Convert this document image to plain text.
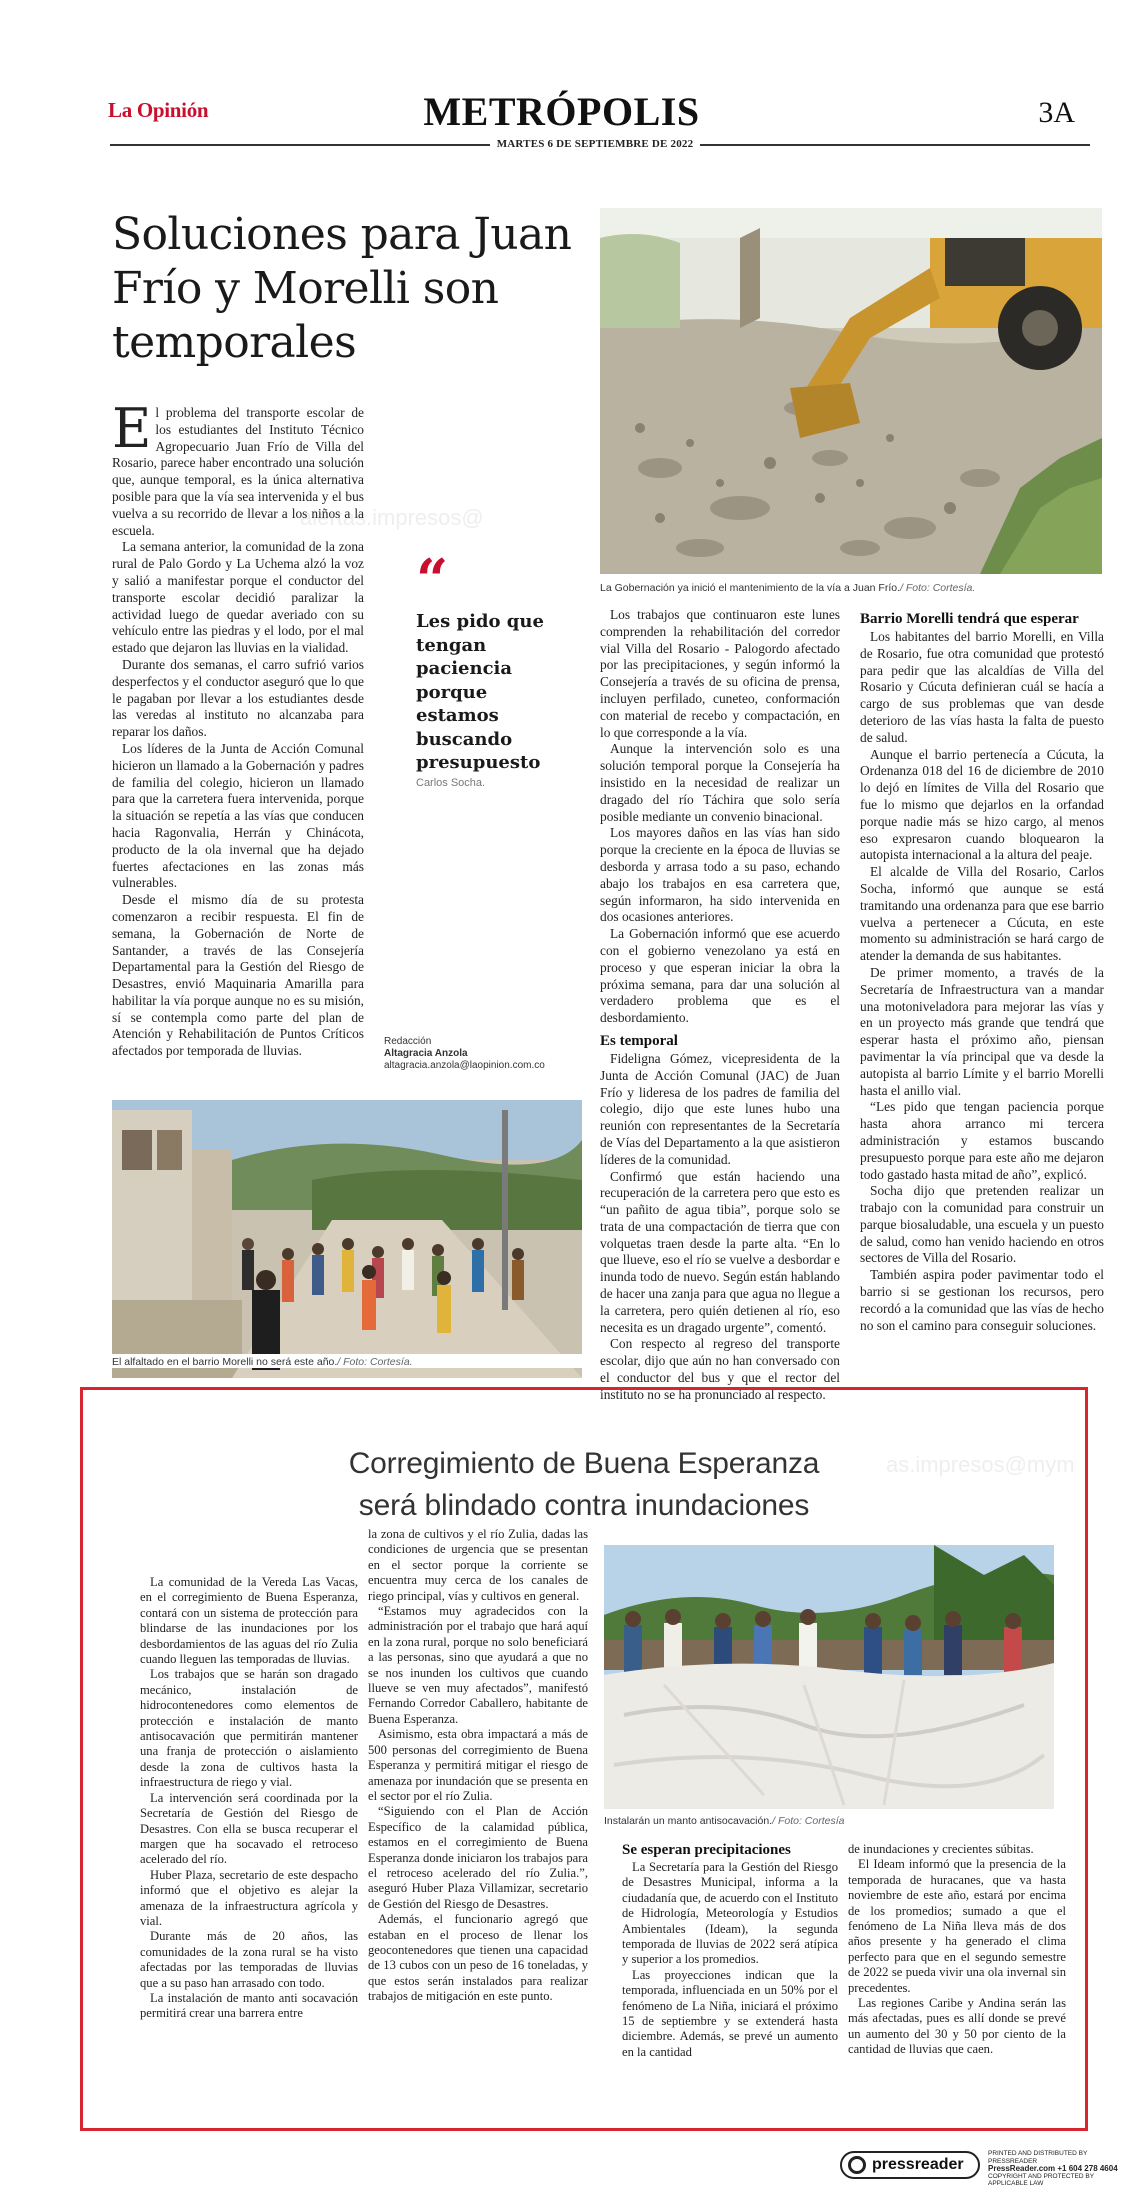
La Opinión	METRÓPOLIS	3A
MARTES 6 DE SEPTIEMBRE DE 2022
Soluciones para Juan Frío y Morelli son temporales
La Gobernación ya inició el mantenimiento de la vía a Juan Frío./ Foto: Cortesía.

El problema del transporte escolar de los estudiantes del Instituto Técnico Agropecuario Juan Frío de Villa del Rosario, parece haber encontrado una solución que, aunque temporal, es la única alternativa posible para que la vía sea intervenida y el bus vuelva a su recorrido de llevar a los niños a la escuela.

La semana anterior, la comunidad de la zona rural de Palo Gordo y La Uchema alzó la voz y salió a manifestar porque el conductor del transporte escolar decidió paralizar la actividad luego de quedar averiado con su vehículo entre las piedras y el lodo, por el mal estado que dejaron las lluvias en la vialidad.

Durante dos semanas, el carro sufrió varios desperfectos y el conductor aseguró que lo que le pagaban por llevar a los estudiantes desde las veredas al instituto no alcanzaba para reparar los daños.

Los líderes de la Junta de Acción Comunal hicieron un llamado a la Gobernación y padres de familia del colegio, hicieron un llamado para que la carretera fuera intervenida, porque la situación se repetía a las vías que conducen hacia Ragonvalia, Herrán y Chinácota, producto de la ola invernal que ha dejado fuertes afectaciones en las zonas más vulnerables.

Desde el mismo día de su protesta comenzaron a recibir respuesta. El fin de semana, la Gobernación de Norte de Santander, a través de las Consejería Departamental para la Gestión del Riesgo de Desastres, envió Maquinaria Amarilla para habilitar la vía porque aunque no es su misión, sí se contempla como parte del plan de Atención y Rehabilitación de Puntos Críticos afectados por temporada de lluvias.

“
Les pido que tengan paciencia porque estamos buscando presupuesto
Carlos Socha.
Redacción
Altagracia Anzola
altagracia.anzola@laopinion.com.co

Los trabajos que continuaron este lunes comprenden la rehabilitación del corredor vial Villa del Rosario - Palogordo afectado por las precipitaciones, y según informó la Consejería a través de su oficina de prensa, incluyen perfilado, cuneteo, conformación con material de recebo y compactación, en lo que corresponde a la vía.

Aunque la intervención solo es una solución temporal porque la Consejería ha insistido en la necesidad de realizar un dragado del río Táchira que solo sería posible mediante un convenio binacional.

Los mayores daños en las vías han sido porque la creciente en la época de lluvias se desborda y arrasa todo a su paso, echando abajo los trabajos en esa carretera que, según informaron, ha sido intervenida en dos ocasiones anteriores.

La Gobernación informó que ese acuerdo con el gobierno venezolano ya está en proceso y que esperan iniciar la obra la próxima semana, para dar una solución al verdadero problema que es el desbordamiento.

Es temporal

Fideligna Gómez, vicepresidenta de la Junta de Acción Comunal (JAC) de Juan Frío y lideresa de los padres de familia del colegio, dijo que este lunes hubo una reunión con representantes de la Secretaría de Vías del Departamento a la que asistieron líderes de la comunidad.

Confirmó que están haciendo una recuperación de la carretera pero que esto es “un pañito de agua tibia”, porque solo se trata de una compactación de tierra que con volquetas traen desde la parte alta. “En lo que llueve, eso el río se vuelve a desbordar e inunda todo de nuevo. Según están hablando de hacer una zanja para que agua no llegue a la carretera, pero quién detienen al río, eso necesita es un dragado urgente”, comentó.

Con respecto al regreso del transporte escolar, dijo que aún no han conversado con el conductor del bus y que el rector del instituto no se ha pronunciado al respecto.

Barrio Morelli tendrá que esperar

Los habitantes del barrio Morelli, en Villa de Rosario, fue otra comunidad que protestó para pedir que las alcaldías de Villa del Rosario y Cúcuta definieran cuál se hacía a cargo de sus problemas que van desde deterioro de las vías hasta la falta de puesto de salud.

Aunque el barrio pertenecía a Cúcuta, la Ordenanza 018 del 16 de diciembre de 2010 lo dejó en límites de Villa del Rosario que fue lo mismo que dejarlos en la orfandad porque nadie más se hizo cargo, al menos eso expresaron cuando bloquearon la autopista internacional a la altura del peaje.

El alcalde de Villa del Rosario, Carlos Socha, informó que aunque se está tramitando una ordenanza para que ese barrio vuelva a pertenecer a Cúcuta, en este momento su administración se hará cargo de atender la demanda de sus habitantes.

De primer momento, a través de la Secretaría de Infraestructura van a mandar una motoniveladora para mejorar las vías y en un proyecto más grande que tendrá que esperar hasta el próximo año, piensan pavimentar la vía principal que va desde la autopista al barrio Límite y el barrio Morelli hasta el anillo vial.

“Les pido que tengan paciencia porque hasta ahora arranco mi tercera administración y estamos buscando presupuesto porque para este año me dejaron todo gastado hasta mitad de año”, explicó.

Socha dijo que pretenden realizar un trabajo con la comunidad para construir un parque biosaludable, una escuela y un puesto de salud, como han venido haciendo en otros sectores de Villa del Rosario.

También aspira poder pavimentar todo el barrio si se gestionan los recursos, pero recordó a la comunidad que las vías de hecho no son el camino para conseguir soluciones.

alertas.impresos@
El alfaltado en el barrio Morelli no será este año./ Foto: Cortesía.
Corregimiento de Buena Esperanza
será blindado contra inundaciones
as.impresos@mym

La comunidad de la Vereda Las Vacas, en el corregimiento de Buena Esperanza, contará con un sistema de protección para blindarse de las inundaciones por los desbordamientos de las aguas del río Zulia cuando lleguen las temporadas de lluvias.

Los trabajos que se harán son dragado mecánico, instalación de hidrocontenedores como elementos de protección e instalación de manto antisocavación que permitirán mantener una franja de protección o aislamiento desde la zona de cultivos hasta la infraestructura de riego y vial.

La intervención será coordinada por la Secretaría de Gestión del Riesgo de Desastres. Con ella se busca recuperar el margen que ha socavado el retroceso acelerado del río.

Huber Plaza, secretario de este despacho informó que el objetivo es alejar la amenaza de la infraestructura agrícola y vial.

Durante más de 20 años, las comunidades de la zona rural se ha visto afectadas por las temporadas de lluvias que a su paso han arrasado con todo.

La instalación de manto anti socavación permitirá crear una barrera entre

la zona de cultivos y el río Zulia, dadas las condiciones de urgencia que se presentan en el sector porque la corriente se encuentra muy cerca de los canales de riego principal, vías y cultivos en general.

“Estamos muy agradecidos con la administración por el trabajo que hará aquí en la zona rural, porque no solo beneficiará a las personas, sino que ayudará a que no se nos inunden los cultivos que cuando llueve se ven muy afectados”, manifestó Fernando Corredor Caballero, habitante de Buena Esperanza.

Asimismo, esta obra impactará a más de 500 personas del corregimiento de Buena Esperanza y permitirá mitigar el riesgo de amenaza por inundación que se presenta en el sector por el río Zulia.

“Siguiendo con el Plan de Acción Específico de la calamidad pública, estamos en el corregimiento de Buena Esperanza donde iniciaron los trabajos para el retroceso acelerado del río Zulia.”, aseguró Huber Plaza Villamizar, secretario de Gestión del Riesgo de Desastres.

Además, el funcionario agregó que estaban en el proceso de llenar los geocontenedores que tienen una capacidad de 13 cubos con un peso de 16 toneladas, y que estos serán instalados para realizar trabajos de mitigación en este punto.

Instalarán un manto antisocavación./ Foto: Cortesía
Se esperan precipitaciones

La Secretaría para la Gestión del Riesgo de Desastres Municipal, informa a la ciudadanía que, de acuerdo con el Instituto de Hidrología, Meteorología y Estudios Ambientales (Ideam), la segunda temporada de lluvias de 2022 será atípica y superior a los promedios.

Las proyecciones indican que la temporada, influenciada en un 50% por el fenómeno de La Niña, iniciará el próximo 15 de septiembre y se extenderá hasta diciembre. Además, se prevé un aumento en la cantidad

de inundaciones y crecientes súbitas.

El Ideam informó que la presencia de la temporada de huracanes, que va hasta noviembre de este año, estará por encima de los promedios; sumado a que el fenómeno de La Niña lleva más de dos años presente y ha generado el clima perfecto para que en el segundo semestre de 2022 se pueda vivir una ola invernal sin precedentes.

Las regiones Caribe y Andina serán las más afectadas, pues es allí donde se prevé un aumento del 30 y 50 por ciento de la cantidad de lluvias que caen.

pressreader
PRINTED AND DISTRIBUTED BY PRESSREADER
PressReader.com +1 604 278 4604
COPYRIGHT AND PROTECTED BY APPLICABLE LAW
